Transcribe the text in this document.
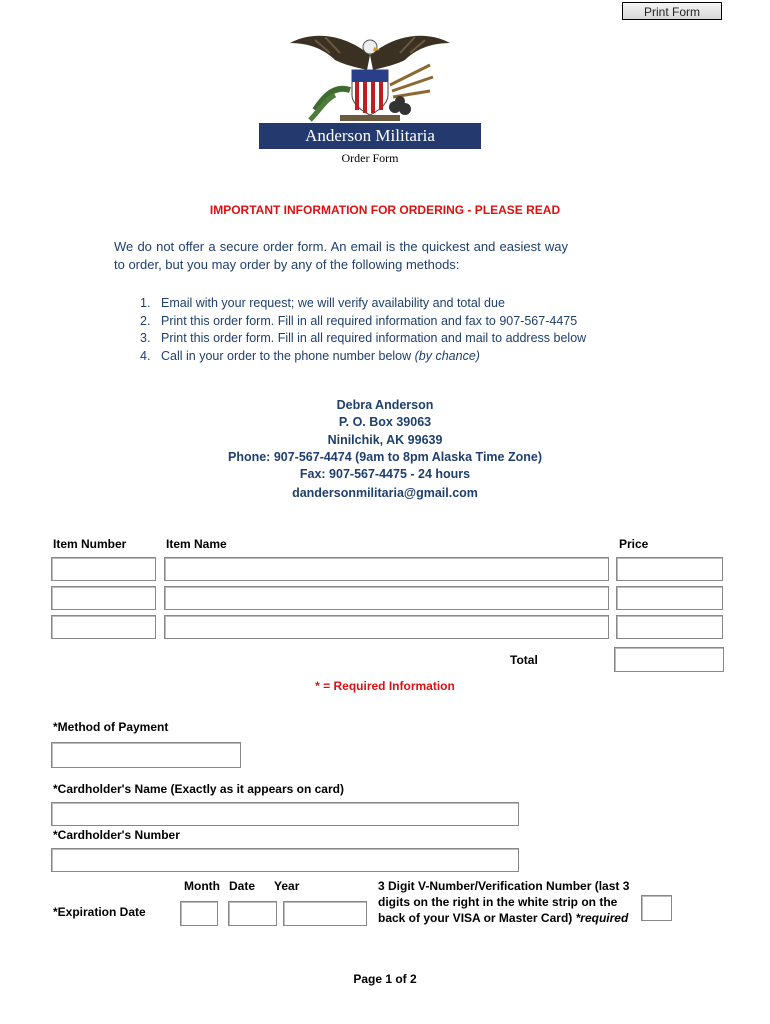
Print Form
Anderson Militaria
Order Form
IMPORTANT INFORMATION FOR ORDERING - PLEASE READ
We do not offer a secure order form. An email is the quickest and easiest way to order, but you may order by any of the following methods:
1. Email with your request; we will verify availability and total due
2. Print this order form. Fill in all required information and fax to 907-567-4475
3. Print this order form. Fill in all required information and mail to address below
4. Call in your order to the phone number below (by chance)
Debra Anderson
P. O. Box 39063
Ninilchik, AK 99639
Phone: 907-567-4474 (9am to 8pm Alaska Time Zone)
Fax: 907-567-4475 - 24 hours
dandersonmilitaria@gmail.com
Item Number	Item Name	Price
Total
* = Required Information
*Method of Payment
*Cardholder's Name (Exactly as it appears on card)
*Cardholder's Number
Month Date Year
*Expiration Date
3 Digit V-Number/Verification Number (last 3 digits on the right in the white strip on the back of your VISA or Master Card) *required
Page 1 of 2
